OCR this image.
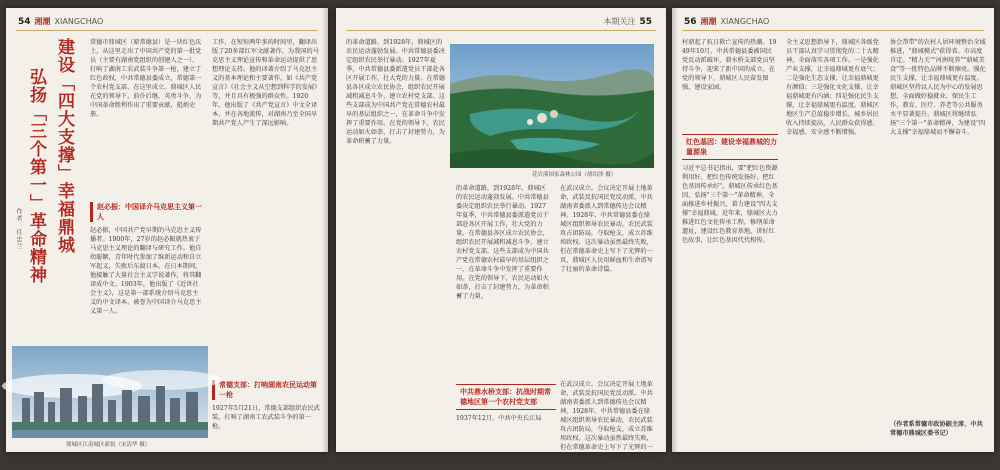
54 湘潮 XIANGCHAO
建设「四大支撑」幸福鼎城
弘扬「三个第一」革命精神
作者：任忠兰
常德市鼎城区（原常德县）是一块红色沃土，从这里走出了中国共产党的第一批党员（主要有湖南党组织的创建人之一）、打响了湖南工农武装斗争第一枪，建立了红色政权，中共常德县委成立，常德第一个农村党支部，在这里成立。鼎城区人民在党的领导下，前仆后继，英勇斗争，为中国革命胜利作出了重要贡献，彪炳史册。
赵必振：中国译介马克思主义第一人
赵必振，中国共产党早期的马克思主义传播者。1900年，27岁的赵必振就热衷于马克思主义理论的翻译与研究工作。他自幼聪颖，青年时代参加了维新运动和自立军起义，失败后东渡日本。在日本期间，他接触了大量社会主义学说著作，将其翻译成中文。1903年，他出版了《近世社会主义》，这是第一部系统介绍马克思主义的中文译本，被誉为中国译介马克思主义第一人。
工作，在短短两年多的时间里，翻译出版了20多部红军文献著作，为我国的马克思主义理论宣传和革命运动提供了思想理论支持。他的译著介绍了马克思主义的基本理论和主要著作，如《共产党宣言》《社会主义从空想到科学的发展》等，并且具有极强的群众性。1920年，他出版了《共产党宣言》中文全译本，并在各地流传，对湖南乃至全国早期共产党人产生了深远影响。
常德支部：打响湖南农民运动第一枪
1927年5月21日，常德支部组织农民武装，打响了湖南工农武装斗争的第一枪。
鼎城区江南城区新貌（宋清华 摄）
本期关注 55
花岩溪国家森林公园（胡绍泽 摄）
的革命道路，到1928年，鼎城区的农民运动蓬勃发展。中共常德县委决定组织农民举行暴动。1927年夏季，中共常德县委派遣党员干部赴各区开展工作，壮大党的力量。在常德县各区成立农民协会，组织农民开展减租减息斗争，建立农村党支部。这些支部成为中国共产党在常德农村最早的基层组织之一，在革命斗争中发挥了重要作用。在党的领导下，农民运动如火如荼，打击了封建势力，为革命积蓄了力量。
的革命道路，到1928年，鼎城区的农民运动蓬勃发展。中共常德县委决定组织农民举行暴动。1927年夏季，中共常德县委派遣党员干部赴各区开展工作，壮大党的力量。在常德县各区成立农民协会，组织农民开展减租减息斗争，建立农村党支部。这些支部成为中国共产党在常德农村最早的基层组织之一，在革命斗争中发挥了重要作用。在党的领导下，农民运动如火如荼，打击了封建势力，为革命积蓄了力量。
在武汉成立。会议决定开展土地革命，武装反抗国民党反动派。中共湖南省委派人到常德传达会议精神。1928年，中共常德县委在鼎城区组织领导农民暴动，农民武装攻占团防局，夺取枪支，成立苏维埃政权。这次暴动虽然最终失败，但在常德革命史上写下了光辉的一页，鼎城区人民用鲜血和生命谱写了壮丽的革命诗篇。
中共鼎水桥支部：抗战时期常德地区第一个农村党支部
1937年12月，中共中央长江局
在武汉成立。会议决定开展土地革命，武装反抗国民党反动派。中共湖南省委派人到常德传达会议精神。1928年，中共常德县委在鼎城区组织领导农民暴动，农民武装攻占团防局，夺取枪支，成立苏维埃政权。这次暴动虽然最终失败，但在常德革命史上写下了光辉的一页，鼎城区人民用鲜血和生命谱写了壮丽的革命诗篇。
56 湘潮 XIANGCHAO
村鼎起了抗日救亡宣传的热潮。1949年10月，中共常德县委被国民党反动派破坏，鼎水桥支部党员坚持斗争，迎来了新中国的成立。在党的领导下，鼎城区人民奋发图强，建设家园。
红色基因：建设幸福鼎城的力量源泉
习近平总书记指出，要"把红色资源利用好、把红色传统发扬好、把红色基因传承好"。鼎城区传承红色基因，弘扬"三个第一"革命精神，全面推进乡村振兴，着力建设"四大支撑"幸福鼎城。近年来，鼎城区大力推进红色文化传承工程，修缮革命遗址，建设红色教育基地，讲好红色故事，让红色基因代代相传。
全主义思想指导下，鼎城区各级党员干部认真学习贯彻党的二十大精神，全面落实各项工作。一是强化产业支撑，让幸福鼎城更有底气；二是强化生态支撑，让幸福鼎城更有颜值；三是强化文化支撑，让幸福鼎城更有内涵；四是强化民生支撑，让幸福鼎城更有温度。鼎城区地区生产总值稳步增长，城乡居民收入持续提高，人民群众获得感、幸福感、安全感不断增强。
协会帮带"的农村人居环境整治全域推进，"鼎城模式"获得省、市高度肯定。"精力关""河洲垸养""鼎城美食"等一批特色品牌不断擦亮。强化民生支撑，让幸福鼎城更有温度。鼎城区坚持以人民为中心的发展思想，全面做好稳就业、保民生工作，教育、医疗、养老等公共服务水平显著提升。鼎城区将继续弘扬"三个第一"革命精神，为建设"四大支撑"幸福鼎城而不懈奋斗。
（作者系常德市政协副主席、中共常德市鼎城区委书记）
